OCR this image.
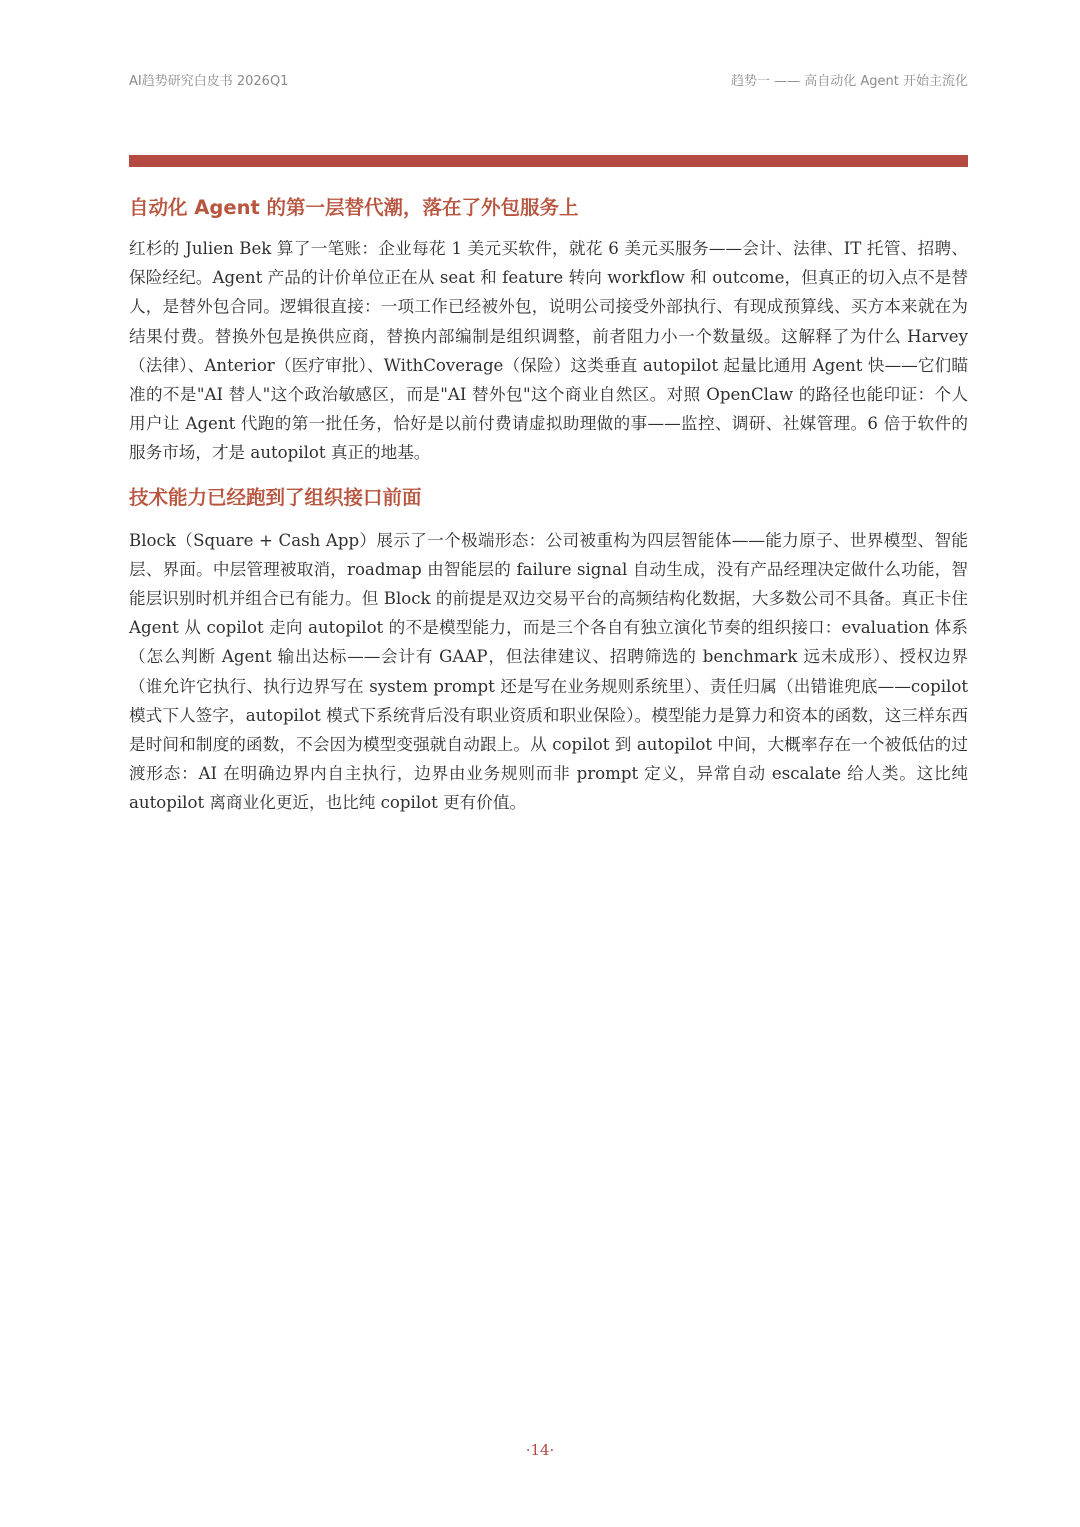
AI趋势研究白皮书 2026Q1	趋势一 —— 高自动化 Agent 开始主流化
自动化 Agent 的第一层替代潮，落在了外包服务上

红杉的 Julien Bek 算了一笔账：企业每花 1 美元买软件，就花 6 美元买服务——会计、法律、IT 托管、招聘、保险经纪。Agent 产品的计价单位正在从 seat 和 feature 转向 workflow 和 outcome，但真正的切入点不是替人，是替外包合同。逻辑很直接：一项工作已经被外包，说明公司接受外部执行、有现成预算线、买方本来就在为结果付费。替换外包是换供应商，替换内部编制是组织调整，前者阻力小一个数量级。这解释了为什么 Harvey（法律）、Anterior（医疗审批）、WithCoverage（保险）这类垂直 autopilot 起量比通用 Agent 快——它们瞄准的不是"AI 替人"这个政治敏感区，而是"AI 替外包"这个商业自然区。对照 OpenClaw 的路径也能印证：个人用户让 Agent 代跑的第一批任务，恰好是以前付费请虚拟助理做的事——监控、调研、社媒管理。6 倍于软件的服务市场，才是 autopilot 真正的地基。

技术能力已经跑到了组织接口前面

Block（Square + Cash App）展示了一个极端形态：公司被重构为四层智能体——能力原子、世界模型、智能层、界面。中层管理被取消，roadmap 由智能层的 failure signal 自动生成，没有产品经理决定做什么功能，智能层识别时机并组合已有能力。但 Block 的前提是双边交易平台的高频结构化数据，大多数公司不具备。真正卡住 Agent 从 copilot 走向 autopilot 的不是模型能力，而是三个各自有独立演化节奏的组织接口：evaluation 体系（怎么判断 Agent 输出达标——会计有 GAAP，但法律建议、招聘筛选的 benchmark 远未成形）、授权边界（谁允许它执行、执行边界写在 system prompt 还是写在业务规则系统里）、责任归属（出错谁兜底——copilot 模式下人签字，autopilot 模式下系统背后没有职业资质和职业保险）。模型能力是算力和资本的函数，这三样东西是时间和制度的函数，不会因为模型变强就自动跟上。从 copilot 到 autopilot 中间，大概率存在一个被低估的过渡形态：AI 在明确边界内自主执行，边界由业务规则而非 prompt 定义，异常自动 escalate 给人类。这比纯 autopilot 离商业化更近，也比纯 copilot 更有价值。

·14·
